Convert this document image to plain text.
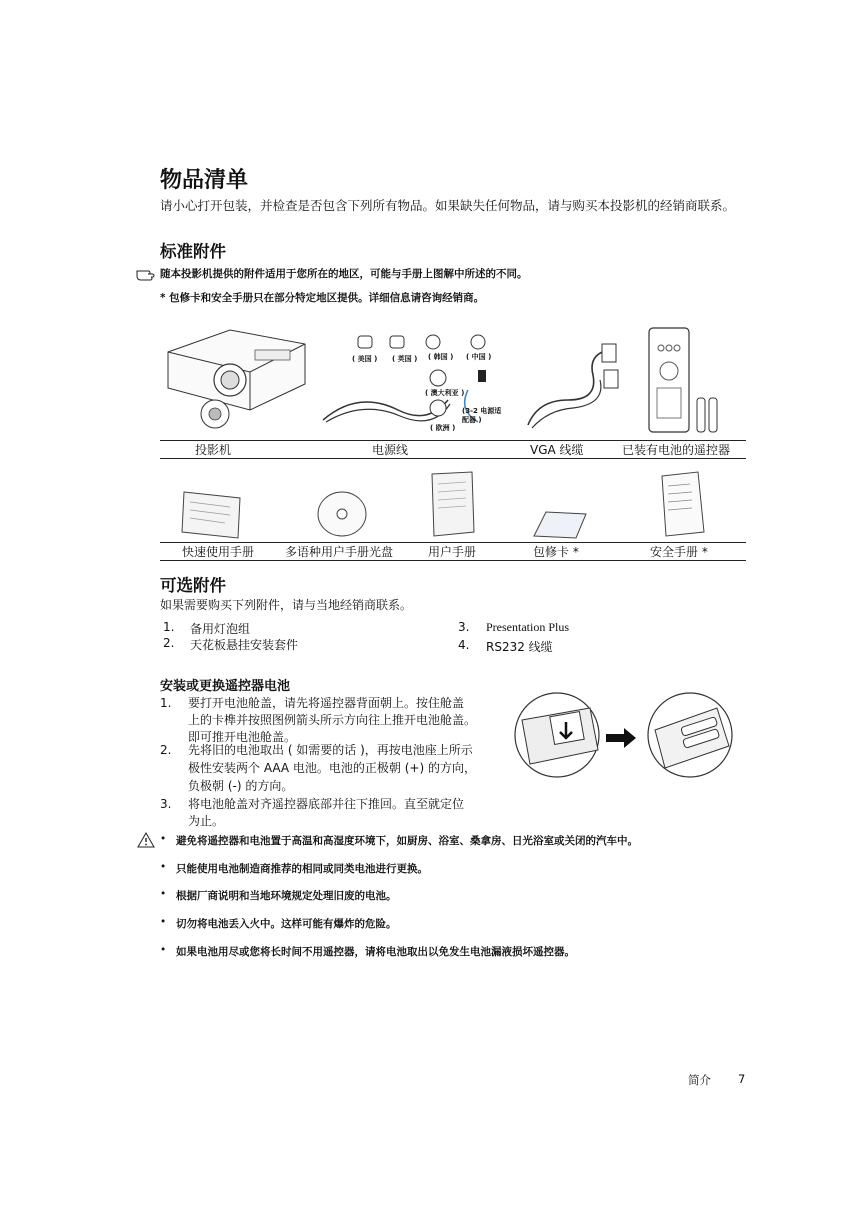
物品清单
请小心打开包装，并检查是否包含下列所有物品。如果缺失任何物品，请与购买本投影机的经销商联系。
标准附件
随本投影机提供的附件适用于您所在的地区，可能与手册上图解中所述的不同。
* 包修卡和安全手册只在部分特定地区提供。详细信息请咨询经销商。
( 美国 ) ( 英国 ) ( 韩国 ) ( 中国 )
( 澳大利亚 )
( 欧洲 )
(3-2 电源适配器 )
投影机	电源线	VGA 线缆	已装有电池的遥控器
快速使用手册	多语种用户手册光盘	用户手册	包修卡 *	安全手册 *
可选附件
如果需要购买下列附件，请与当地经销商联系。
1. 备用灯泡组
2. 天花板悬挂安装套件
3. Presentation Plus
4. RS232 线缆
安装或更换遥控器电池
1. 要打开电池舱盖，请先将遥控器背面朝上。按住舱盖
上的卡榫并按照图例箭头所示方向往上推开电池舱盖。
即可推开电池舱盖。
2. 先将旧的电池取出 ( 如需要的话 )，再按电池座上所示
极性安装两个 AAA 电池。电池的正极朝 (+) 的方向，
负极朝 (-) 的方向。
3. 将电池舱盖对齐遥控器底部并往下推回。直至就定位
为止。
• 避免将遥控器和电池置于高温和高湿度环境下，如厨房、浴室、桑拿房、日光浴室或关闭的汽车中。
• 只能使用电池制造商推荐的相同或同类电池进行更换。
• 根据厂商说明和当地环境规定处理旧废的电池。
• 切勿将电池丢入火中。这样可能有爆炸的危险。
• 如果电池用尽或您将长时间不用遥控器，请将电池取出以免发生电池漏液损坏遥控器。
简介 7
